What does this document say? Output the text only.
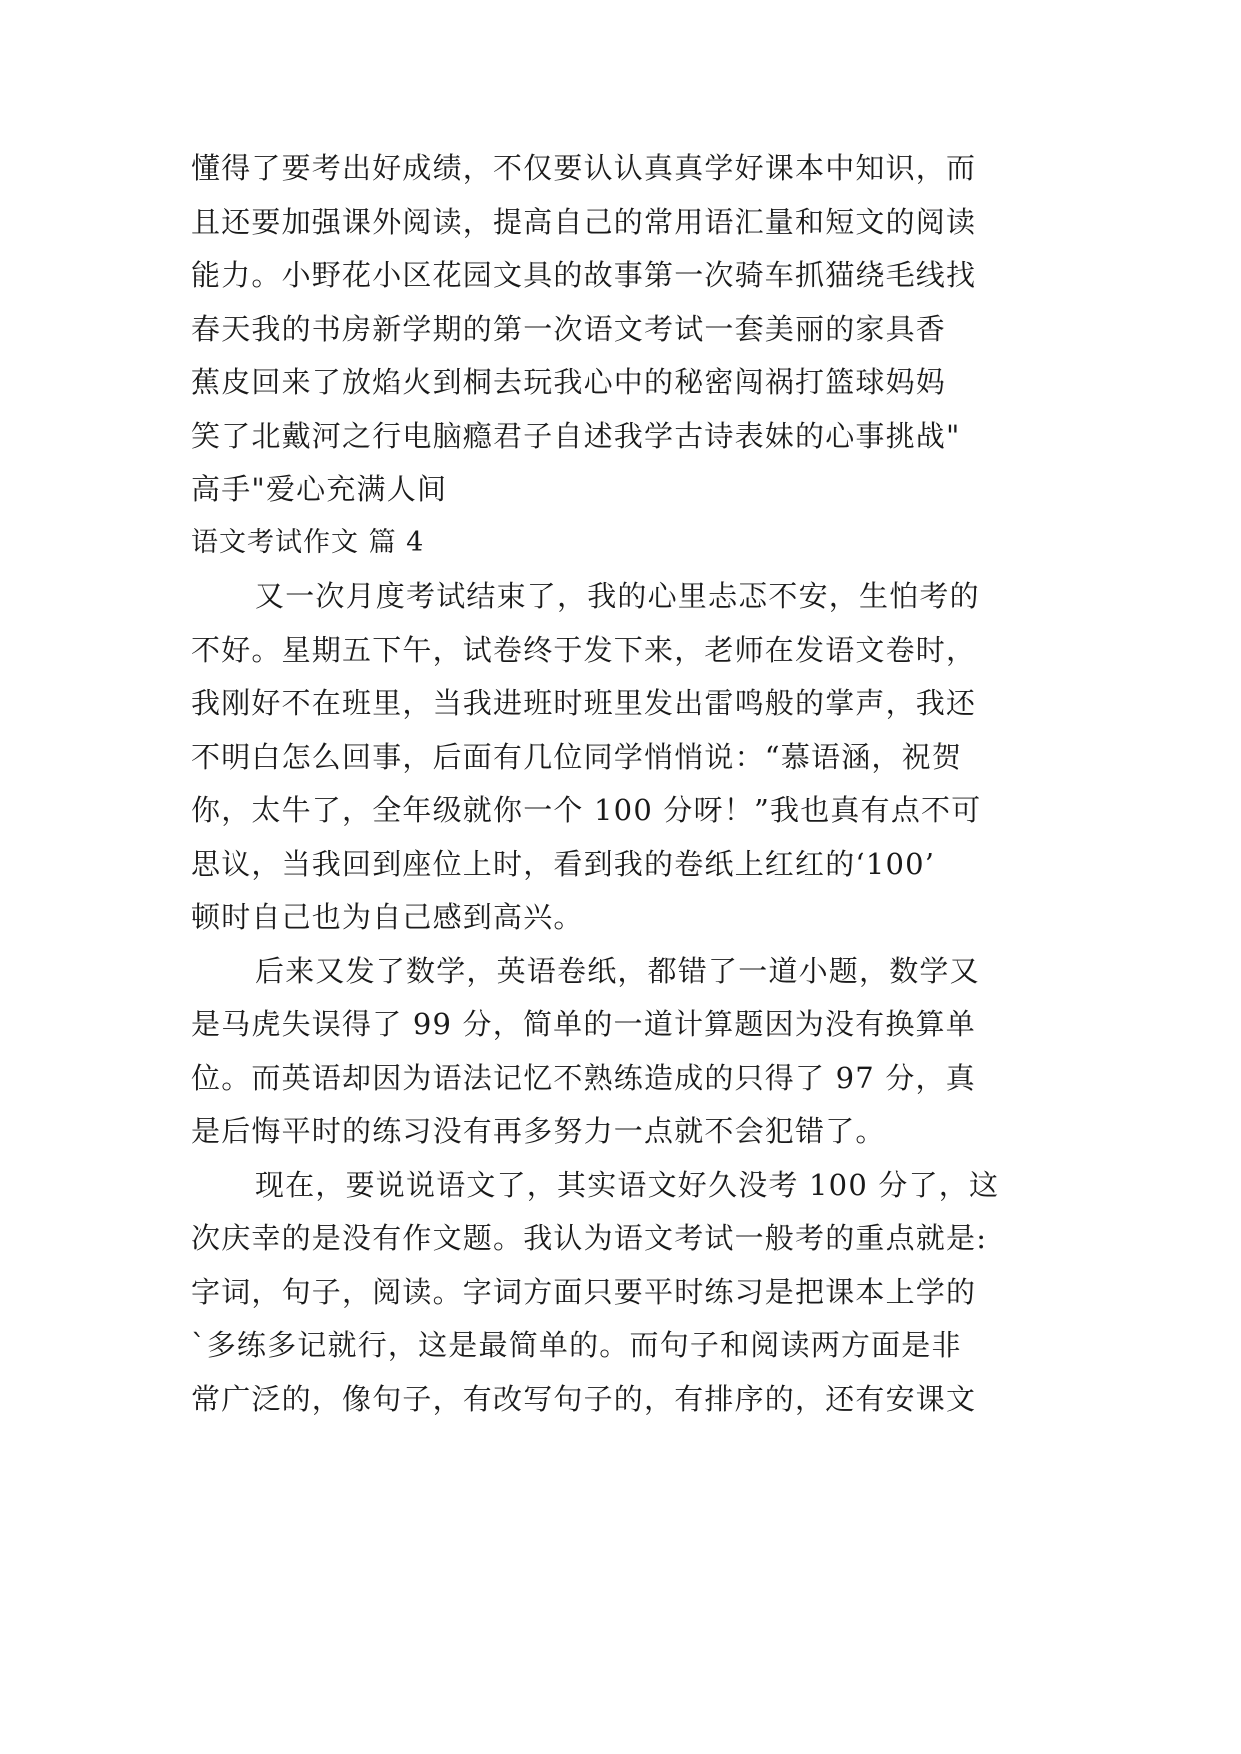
懂得了要考出好成绩，不仅要认认真真学好课本中知识，而
且还要加强课外阅读，提高自己的常用语汇量和短文的阅读
能力。小野花小区花园文具的故事第一次骑车抓猫绕毛线找
春天我的书房新学期的第一次语文考试一套美丽的家具香
蕉皮回来了放焰火到桐去玩我心中的秘密闯祸打篮球妈妈
笑了北戴河之行电脑瘾君子自述我学古诗表妹的心事挑战"
高手"爱心充满人间
语文考试作文 篇 4
又一次月度考试结束了，我的心里忐忑不安，生怕考的
不好。星期五下午，试卷终于发下来，老师在发语文卷时，
我刚好不在班里，当我进班时班里发出雷鸣般的掌声，我还
不明白怎么回事，后面有几位同学悄悄说：“慕语涵，祝贺
你，太牛了，全年级就你一个 100 分呀！”我也真有点不可
思议，当我回到座位上时，看到我的卷纸上红红的‘100’
顿时自己也为自己感到高兴。
后来又发了数学，英语卷纸，都错了一道小题，数学又
是马虎失误得了 99 分，简单的一道计算题因为没有换算单
位。而英语却因为语法记忆不熟练造成的只得了 97 分，真
是后悔平时的练习没有再多努力一点就不会犯错了。
现在，要说说语文了，其实语文好久没考 100 分了，这
次庆幸的是没有作文题。我认为语文考试一般考的重点就是:
字词，句子，阅读。字词方面只要平时练习是把课本上学的
`多练多记就行，这是最简单的。而句子和阅读两方面是非
常广泛的，像句子，有改写句子的，有排序的，还有安课文
